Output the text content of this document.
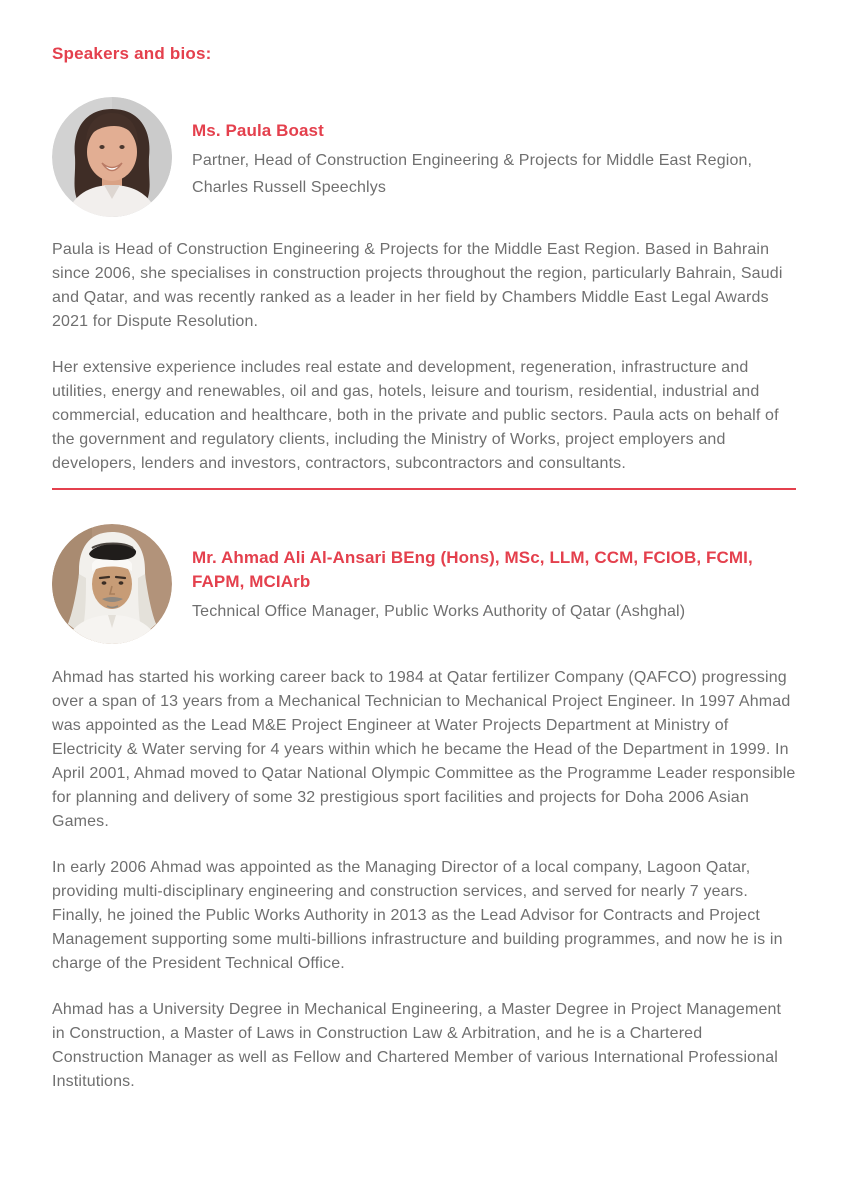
Speakers and bios:
Ms. Paula Boast
Partner, Head of Construction Engineering & Projects for Middle East Region,
Charles Russell Speechlys

Paula is Head of Construction Engineering & Projects for the Middle East Region. Based in Bahrain since 2006, she specialises in construction projects throughout the region, particularly Bahrain, Saudi and Qatar, and was recently ranked as a leader in her field by Chambers Middle East Legal Awards 2021 for Dispute Resolution.

Her extensive experience includes real estate and development, regeneration, infrastructure and utilities, energy and renewables, oil and gas, hotels, leisure and tourism, residential, industrial and commercial, education and healthcare, both in the private and public sectors. Paula acts on behalf of the government and regulatory clients, including the Ministry of Works, project employers and developers, lenders and investors, contractors, subcontractors and consultants.

Mr. Ahmad Ali Al-Ansari BEng (Hons), MSc, LLM, CCM, FCIOB, FCMI,
FAPM, MCIArb
Technical Office Manager, Public Works Authority of Qatar (Ashghal)

Ahmad has started his working career back to 1984 at Qatar fertilizer Company (QAFCO) progressing over a span of 13 years from a Mechanical Technician to Mechanical Project Engineer. In 1997 Ahmad was appointed as the Lead M&E Project Engineer at Water Projects Department at Ministry of Electricity & Water serving for 4 years within which he became the Head of the Department in 1999. In April 2001, Ahmad moved to Qatar National Olympic Committee as the Programme Leader responsible for planning and delivery of some 32 prestigious sport facilities and projects for Doha 2006 Asian Games.

In early 2006 Ahmad was appointed as the Managing Director of a local company, Lagoon Qatar, providing multi-disciplinary engineering and construction services, and served for nearly 7 years. Finally, he joined the Public Works Authority in 2013 as the Lead Advisor for Contracts and Project Management supporting some multi-billions infrastructure and building programmes, and now he is in charge of the President Technical Office.

Ahmad has a University Degree in Mechanical Engineering, a Master Degree in Project Management in Construction, a Master of Laws in Construction Law & Arbitration, and he is a Chartered Construction Manager as well as Fellow and Chartered Member of various International Professional Institutions.
